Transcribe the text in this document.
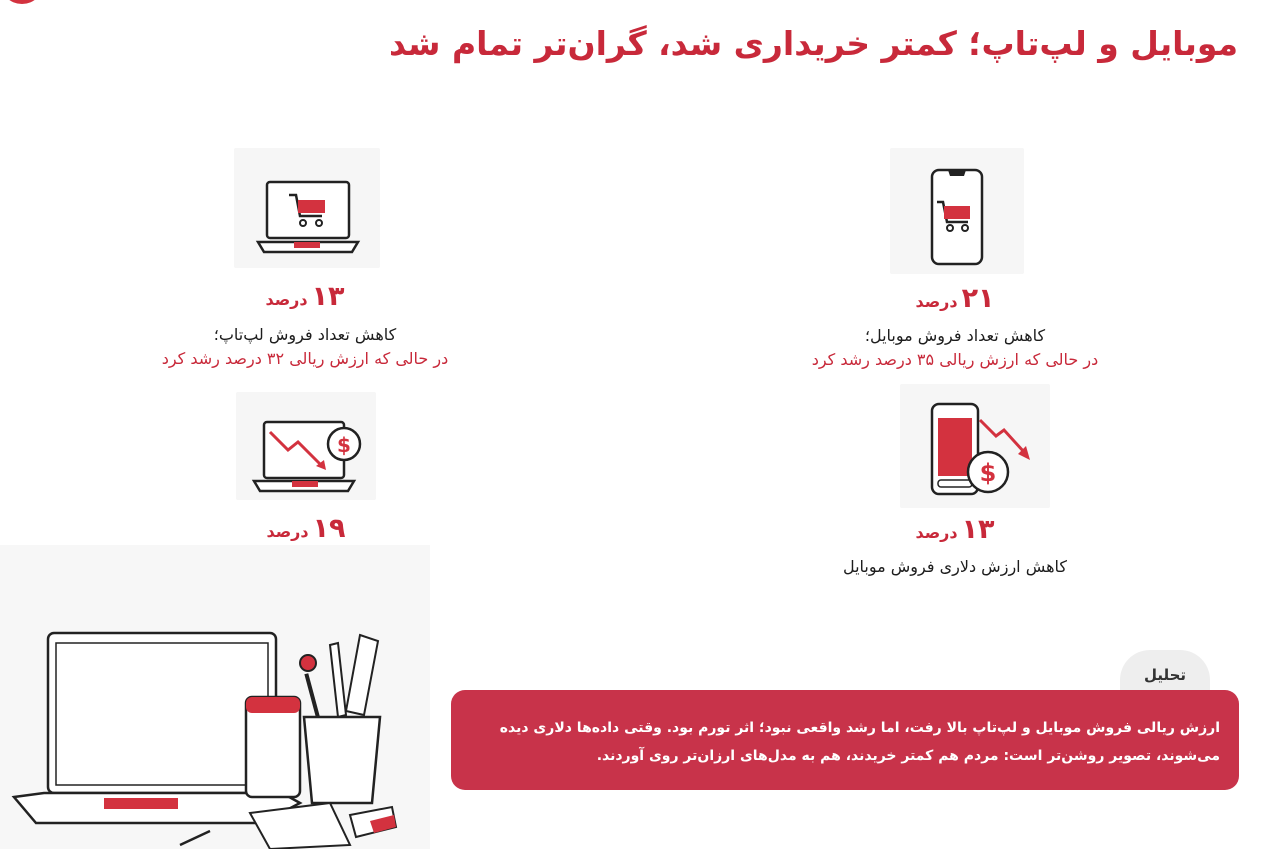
موبایل و لپ‌تاپ؛ کمتر خریداری شد، گران‌تر تمام شد
۱۳درصد
کاهش تعداد فروش لپ‌تاپ؛
در حالی که ارزش ریالی ۳۲ درصد رشد کرد
۲۱درصد
کاهش تعداد فروش موبایل؛
در حالی که ارزش ریالی ۳۵ درصد رشد کرد
$
$
۱۹درصد	۱۳درصد
کاهش ارزش دلاری فروش موبایل
تحلیل
ارزش ریالی فروش موبایل و لپ‌تاپ بالا رفت، اما رشد واقعی نبود؛ اثر تورم بود. وقتی داده‌ها دلاری دیده می‌شوند، تصویر روشن‌تر است: مردم هم کمتر خریدند، هم به مدل‌های ارزان‌تر روی آوردند.
